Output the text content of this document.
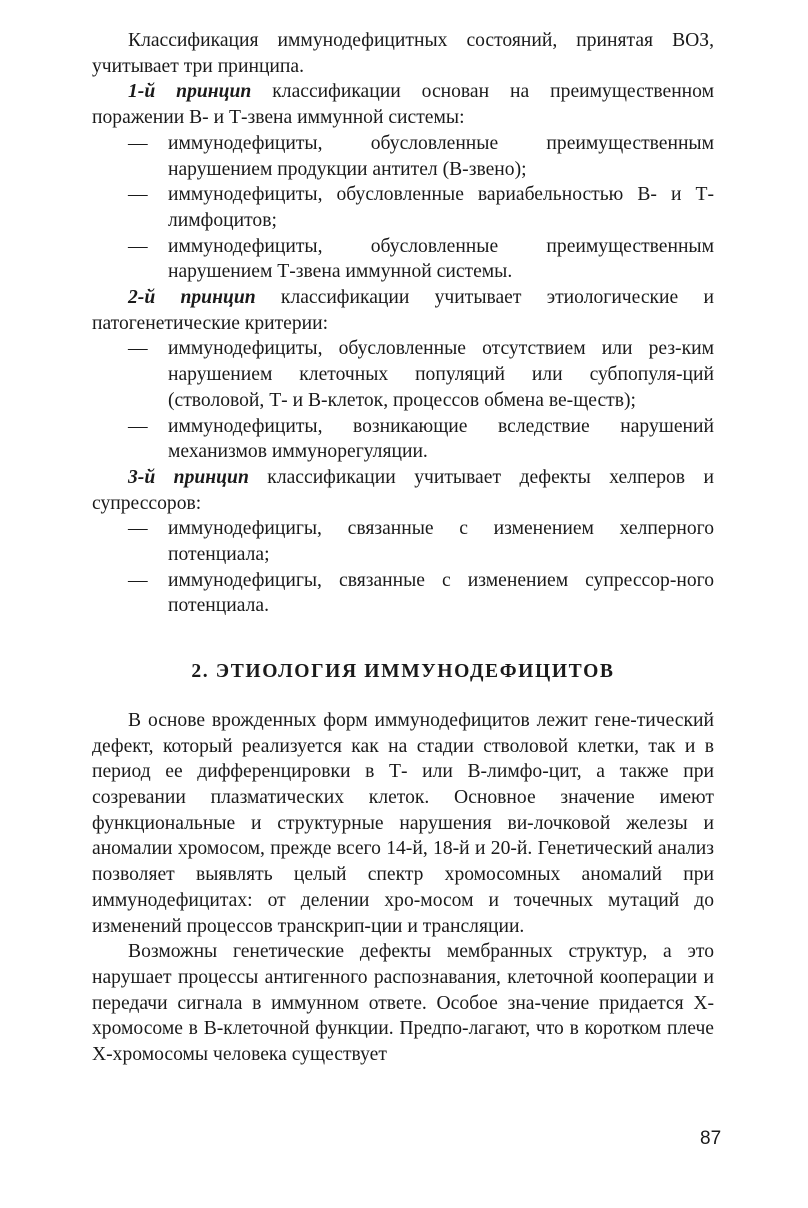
Классификация иммунодефицитных состояний, принятая ВОЗ, учитывает три принципа.

1-й принцип классификации основан на преимущественном поражении В- и Т-звена иммунной системы:

— иммунодефициты, обусловленные преимущественным нарушением продукции антител (В-звено);

— иммунодефициты, обусловленные вариабельностью В- и Т-лимфоцитов;

— иммунодефициты, обусловленные преимущественным нарушением Т-звена иммунной системы.

2-й принцип классификации учитывает этиологические и патогенетические критерии:

— иммунодефициты, обусловленные отсутствием или рез-ким нарушением клеточных популяций или субпопуля-ций (стволовой, Т- и В-клеток, процессов обмена ве-ществ);

— иммунодефициты, возникающие вследствие нарушений механизмов иммунорегуляции.

3-й принцип классификации учитывает дефекты хелперов и супрессоров:

— иммунодефицигы, связанные с изменением хелперного потенциала;

— иммунодефицигы, связанные с изменением супрессор-ного потенциала.

2. ЭТИОЛОГИЯ ИММУНОДЕФИЦИТОВ

В основе врожденных форм иммунодефицитов лежит гене-тический дефект, который реализуется как на стадии стволовой клетки, так и в период ее дифференцировки в Т- или В-лимфо-цит, а также при созревании плазматических клеток. Основное значение имеют функциональные и структурные нарушения ви-лочковой железы и аномалии хромосом, прежде всего 14-й, 18-й и 20-й. Генетический анализ позволяет выявлять целый спектр хромосомных аномалий при иммунодефицитах: от делении хро-мосом и точечных мутаций до изменений процессов транскрип-ции и трансляции.

Возможны генетические дефекты мембранных структур, а это нарушает процессы антигенного распознавания, клеточной кооперации и передачи сигнала в иммунном ответе. Особое зна-чение придается Х-хромосоме в В-клеточной функции. Предпо-лагают, что в коротком плече Х-хромосомы человека существует

87
